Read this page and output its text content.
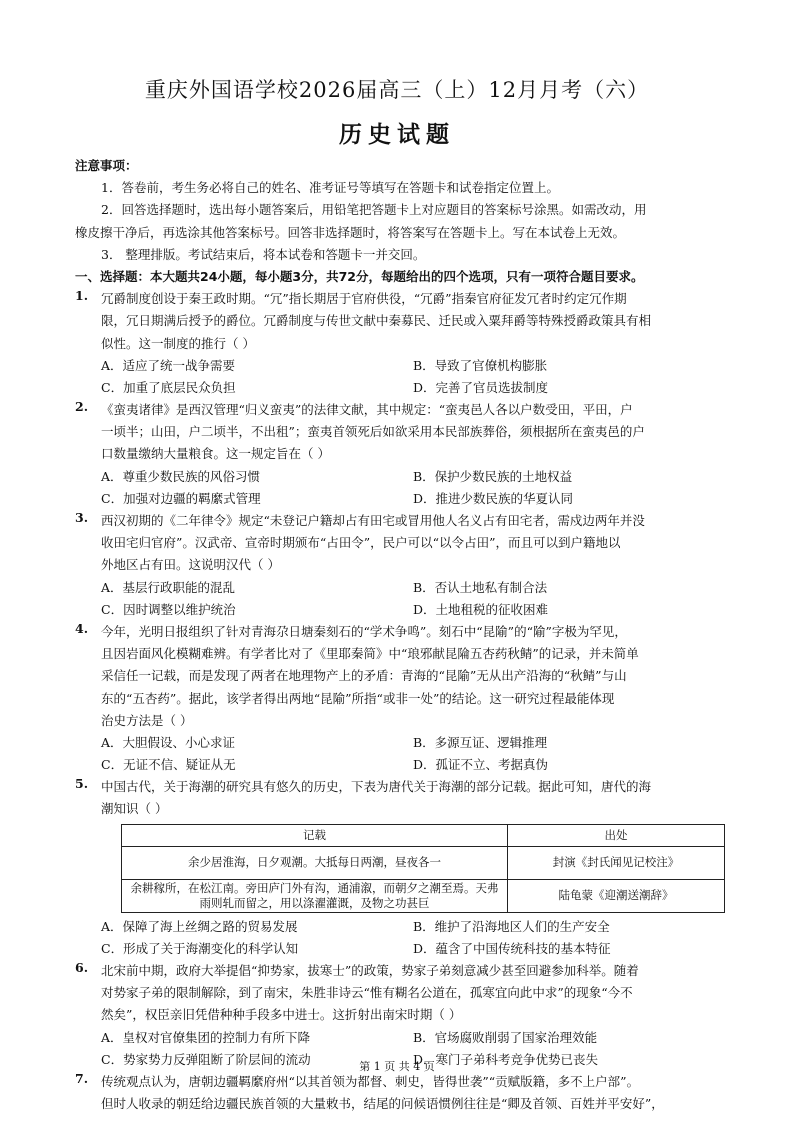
重庆外国语学校2026届高三（上）12月月考（六）
历史试题
注意事项：
1．答卷前，考生务必将自己的姓名、准考证号等填写在答题卡和试卷指定位置上。
2．回答选择题时，选出每小题答案后，用铅笔把答题卡上对应题目的答案标号涂黑。如需改动，用
橡皮擦干净后，再选涂其他答案标号。回答非选择题时，将答案写在答题卡上。写在本试卷上无效。
3． 整理排版。考试结束后，将本试卷和答题卡一并交回。
一、选择题：本大题共24小题，每小题3分，共72分，每题给出的四个选项，只有一项符合题目要求。
1. 冗爵制度创设于秦王政时期。“冗”指长期居于官府供役，“冗爵”指秦官府征发冗者时约定冗作期
限，冗日期满后授予的爵位。冗爵制度与传世文献中秦募民、迁民或入粟拜爵等特殊授爵政策具有相
似性。这一制度的推行（ ）
A．适应了统一战争需要	B．导致了官僚机构膨胀
C．加重了底层民众负担	D．完善了官员选拔制度
2. 《蛮夷诸律》是西汉管理“归义蛮夷”的法律文献，其中规定：“蛮夷邑人各以户数受田，平田，户
一顷半；山田，户二顷半，不出租”；蛮夷首领死后如欲采用本民部族葬俗，须根据所在蛮夷邑的户
口数量缴纳大量粮食。这一规定旨在（ ）
A．尊重少数民族的风俗习惯	B．保护少数民族的土地权益
C．加强对边疆的羁縻式管理	D．推进少数民族的华夏认同
3. 西汉初期的《二年律令》规定“未登记户籍却占有田宅或冒用他人名义占有田宅者，需戍边两年并没
收田宅归官府”。汉武帝、宣帝时期颁布“占田令”，民户可以“以令占田”，而且可以到户籍地以
外地区占有田。这说明汉代（ ）
A．基层行政职能的混乱	B．否认土地私有制合法
C．因时调整以维护统治	D．土地租税的征收困难
4. 今年，光明日报组织了针对青海尕日塘秦刻石的“学术争鸣”。刻石中“昆隃”的“隃”字极为罕见，
且因岩面风化模糊难辨。有学者比对了《里耶秦简》中“琅邪献昆陯五杏药秋鲭”的记录，并未简单
采信任一记载，而是发现了两者在地理物产上的矛盾：青海的“昆隃”无从出产沿海的“秋鲭”与山
东的“五杏药”。据此，该学者得出两地“昆隃”所指“或非一处”的结论。这一研究过程最能体现
治史方法是（ ）
A．大胆假设、小心求证	B．多源互证、逻辑推理
C．无证不信、疑证从无	D．孤证不立、考据真伪
5. 中国古代，关于海潮的研究具有悠久的历史，下表为唐代关于海潮的部分记载。据此可知，唐代的海
潮知识（ ）
记载	出处
余少居淮海，日夕观潮。大抵每日两潮，昼夜各一	封演《封氏闻见记校注》
余耕稼所，在松江南。旁田庐门外有沟，通浦溆，而朝夕之潮至焉。天弗雨则轧而留之，用以涤濯灌溉，及物之功甚巨	陆龟蒙《迎潮送潮辞》
A．保障了海上丝绸之路的贸易发展	B．维护了沿海地区人们的生产安全
C．形成了关于海潮变化的科学认知	D．蕴含了中国传统科技的基本特征
6. 北宋前中期，政府大举提倡“抑势家，拔寒士”的政策，势家子弟刻意减少甚至回避参加科举。随着
对势家子弟的限制解除，到了南宋，朱胜非诗云“惟有糊名公道在，孤寒宜向此中求”的现象“今不
然矣”，权臣亲旧凭借种种手段多中进士。这折射出南宋时期（ ）
A．皇权对官僚集团的控制力有所下降	B．官场腐败削弱了国家治理效能
C．势家势力反弹阻断了阶层间的流动	D．寒门子弟科考竞争优势已丧失
7. 传统观点认为，唐朝边疆羁縻府州“以其首领为都督、刺史，皆得世袭”“贡赋版籍，多不上户部”。
但时人收录的朝廷给边疆民族首领的大量敕书，结尾的问候语惯例往往是“卿及首领、百姓并平安好”，
第 1 页 共 4 页
